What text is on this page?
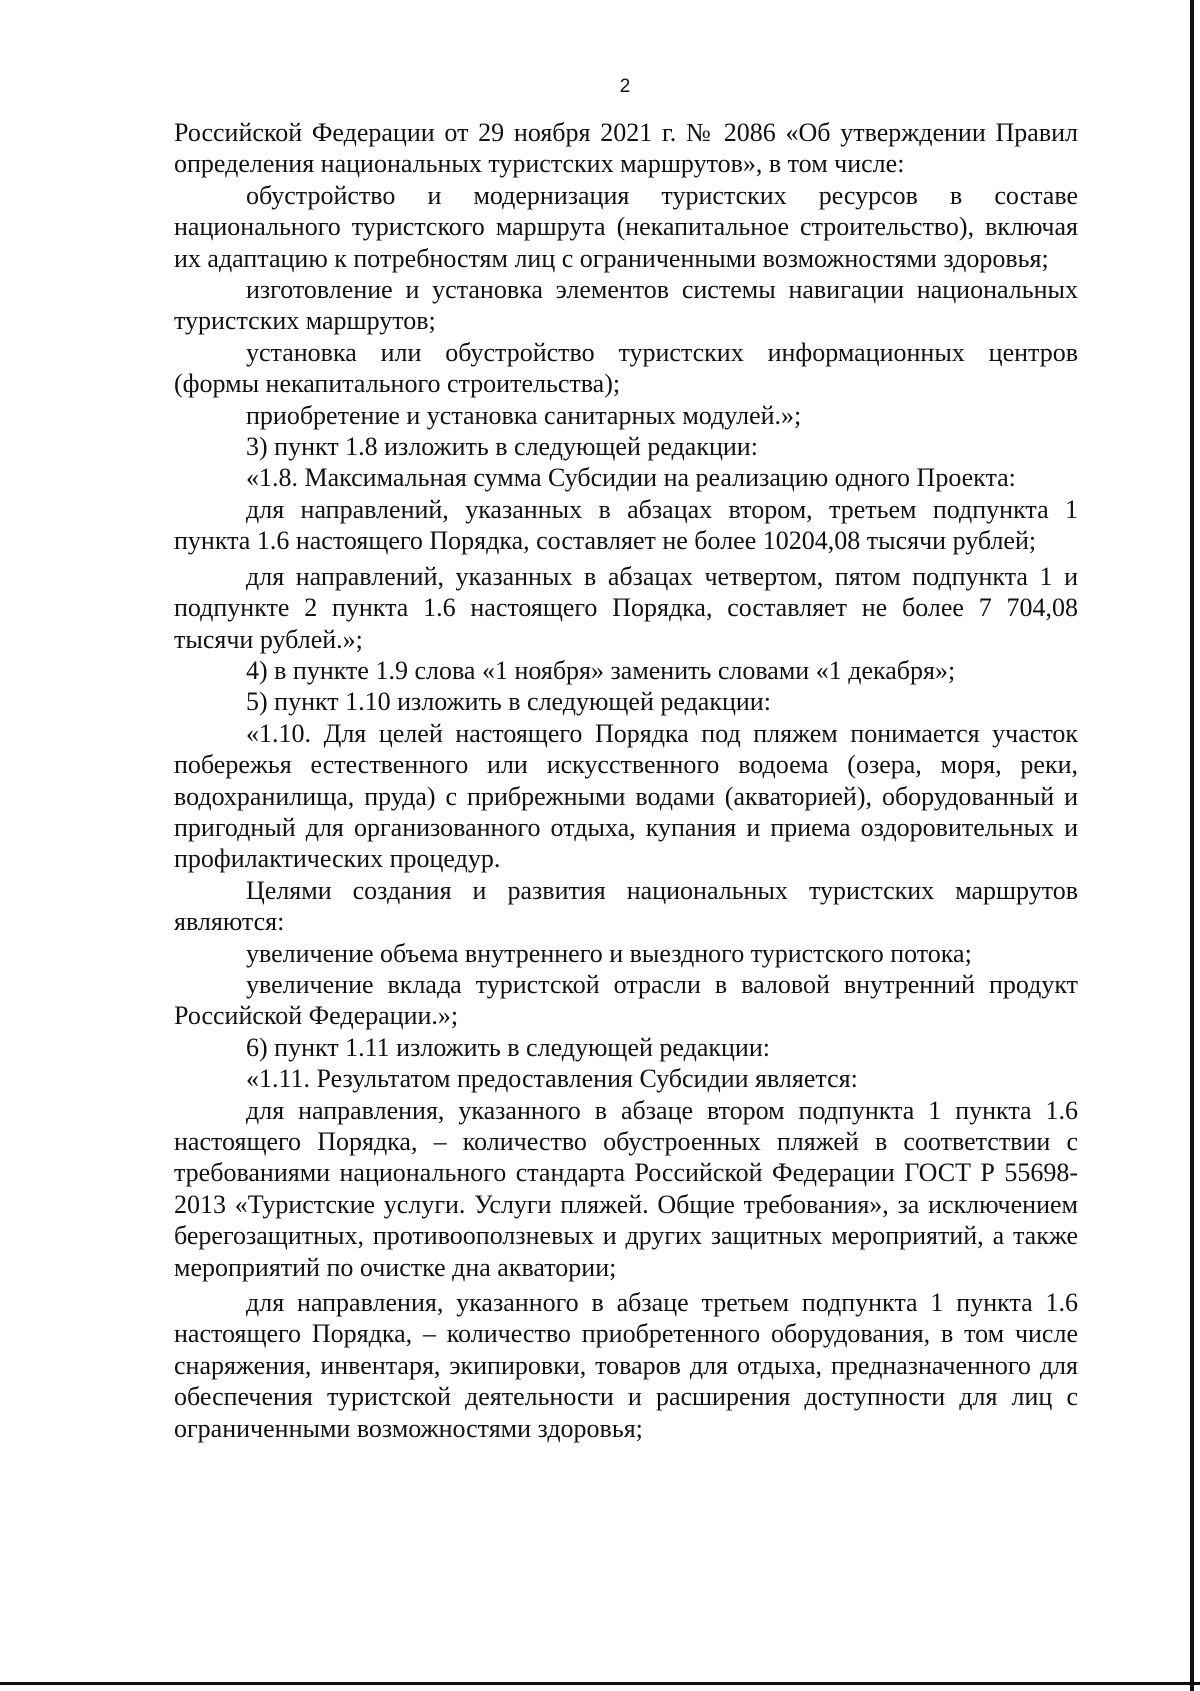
2

Российской Федерации от 29 ноября 2021 г. № 2086 «Об утверждении Правил определения национальных туристских маршрутов», в том числе:

обустройство и модернизация туристских ресурсов в составе национального туристского маршрута (некапитальное строительство), включая их адаптацию к потребностям лиц с ограниченными возможностями здоровья;

изготовление и установка элементов системы навигации национальных туристских маршрутов;

установка или обустройство туристских информационных центров (формы некапитального строительства);

приобретение и установка санитарных модулей.»;

3) пункт 1.8 изложить в следующей редакции:

«1.8. Максимальная сумма Субсидии на реализацию одного Проекта:

для направлений, указанных в абзацах втором, третьем подпункта 1 пункта 1.6 настоящего Порядка, составляет не более 10204,08 тысячи рублей;

для направлений, указанных в абзацах четвертом, пятом подпункта 1 и подпункте 2 пункта 1.6 настоящего Порядка, составляет не более 7 704,08 тысячи рублей.»;

4) в пункте 1.9 слова «1 ноября» заменить словами «1 декабря»;

5) пункт 1.10 изложить в следующей редакции:

«1.10. Для целей настоящего Порядка под пляжем понимается участок побережья естественного или искусственного водоема (озера, моря, реки, водохранилища, пруда) с прибрежными водами (акваторией), оборудованный и пригодный для организованного отдыха, купания и приема оздоровительных и профилактических процедур.

Целями создания и развития национальных туристских маршрутов являются:

увеличение объема внутреннего и выездного туристского потока;

увеличение вклада туристской отрасли в валовой внутренний продукт Российской Федерации.»;

6) пункт 1.11 изложить в следующей редакции:

«1.11. Результатом предоставления Субсидии является:

для направления, указанного в абзаце втором подпункта 1 пункта 1.6 настоящего Порядка, – количество обустроенных пляжей в соответствии с требованиями национального стандарта Российской Федерации ГОСТ Р 55698-2013 «Туристские услуги. Услуги пляжей. Общие требования», за исключением берегозащитных, противооползневых и других защитных мероприятий, а также мероприятий по очистке дна акватории;

для направления, указанного в абзаце третьем подпункта 1 пункта 1.6 настоящего Порядка, – количество приобретенного оборудования, в том числе снаряжения, инвентаря, экипировки, товаров для отдыха, предназначенного для обеспечения туристской деятельности и расширения доступности для лиц с ограниченными возможностями здоровья;
